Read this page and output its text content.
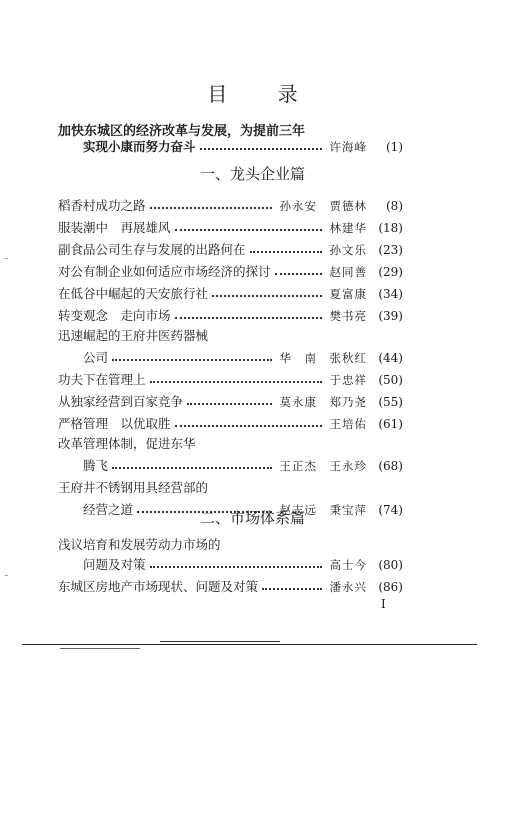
目 录
加快东城区的经济改革与发展，为提前三年
实现小康而努力奋斗	许海峰	(1)
一、龙头企业篇
稻香村成功之路	孙永安　贾德林	(8)
服装潮中　再展雄风	林建华 (18)
副食品公司生存与发展的出路何在	孙文乐 (23)
对公有制企业如何适应市场经济的探讨	赵同善 (29)
在低谷中崛起的天安旅行社	夏富康 (34)
转变观念　走向市场	樊书亮 (39)
迅速崛起的王府井医药器械
公司	华　南　张秋红 (44)
功夫下在管理上	于忠祥 (50)
从独家经营到百家竞争	莫永康　郑乃尧 (55)
严格管理　以优取胜	王培佑 (61)
改革管理体制，促进东华
腾飞	王正杰　王永珍 (68)
王府井不锈钢用具经营部的
经营之道	赵志远　秉宝萍 (74)
二、市场体系篇
浅议培育和发展劳动力市场的
问题及对策	高士今 (80)
东城区房地产市场现状、问题及对策	潘永兴 (86)
I
˜
˜
